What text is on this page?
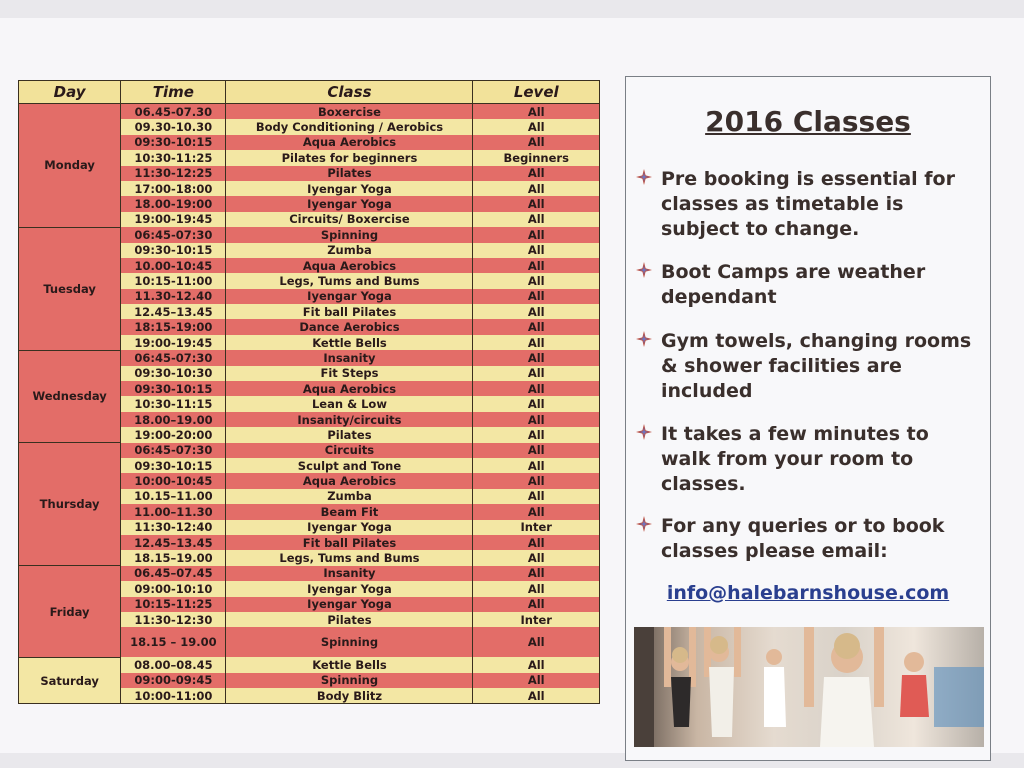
Day	Time	Class	Level
Monday	06.45-07.30	Boxercise	All
	09.30-10.30	Body Conditioning / Aerobics	All
	09:30-10:15	Aqua Aerobics	All
	10:30-11:25	Pilates for beginners	Beginners
	11:30-12:25	Pilates	All
	17:00-18:00	Iyengar Yoga	All
	18.00-19:00	Iyengar Yoga	All
	19:00-19:45	Circuits/ Boxercise	All
Tuesday	06:45-07:30	Spinning	All
	09:30-10:15	Zumba	All
	10.00-10:45	Aqua Aerobics	All
	10:15-11:00	Legs, Tums and Bums	All
	11.30-12.40	Iyengar Yoga	All
	12.45–13.45	Fit ball Pilates	All
	18:15-19:00	Dance Aerobics	All
	19:00-19:45	Kettle Bells	All
Wednesday	06:45-07:30	Insanity	All
	09:30-10:30	Fit Steps	All
	09:30-10:15	Aqua Aerobics	All
	10:30-11:15	Lean & Low	All
	18.00–19.00	Insanity/circuits	All
	19:00-20:00	Pilates	All
Thursday	06:45-07:30	Circuits	All
	09:30-10:15	Sculpt and Tone	All
	10:00-10:45	Aqua Aerobics	All
	10.15–11.00	Zumba	All
	11.00–11.30	Beam Fit	All
	11:30-12:40	Iyengar Yoga	Inter
	12.45–13.45	Fit ball Pilates	All
	18.15–19.00	Legs, Tums and Bums	All
Friday	06.45–07.45	Insanity	All
	09:00-10:10	Iyengar Yoga	All
	10:15-11:25	Iyengar Yoga	All
	11:30-12:30	Pilates	Inter
	18.15 – 19.00	Spinning	All
Saturday	08.00–08.45	Kettle Bells	All
	09:00-09:45	Spinning	All
	10:00-11:00	Body Blitz	All
2016 Classes
Pre booking is essential for classes as timetable is subject to change.
Boot Camps are weather dependant
Gym towels, changing rooms & shower facilities are included
It takes a few minutes to walk from your room to classes.
For any queries or to book classes please email:
info@halebarnshouse.com
